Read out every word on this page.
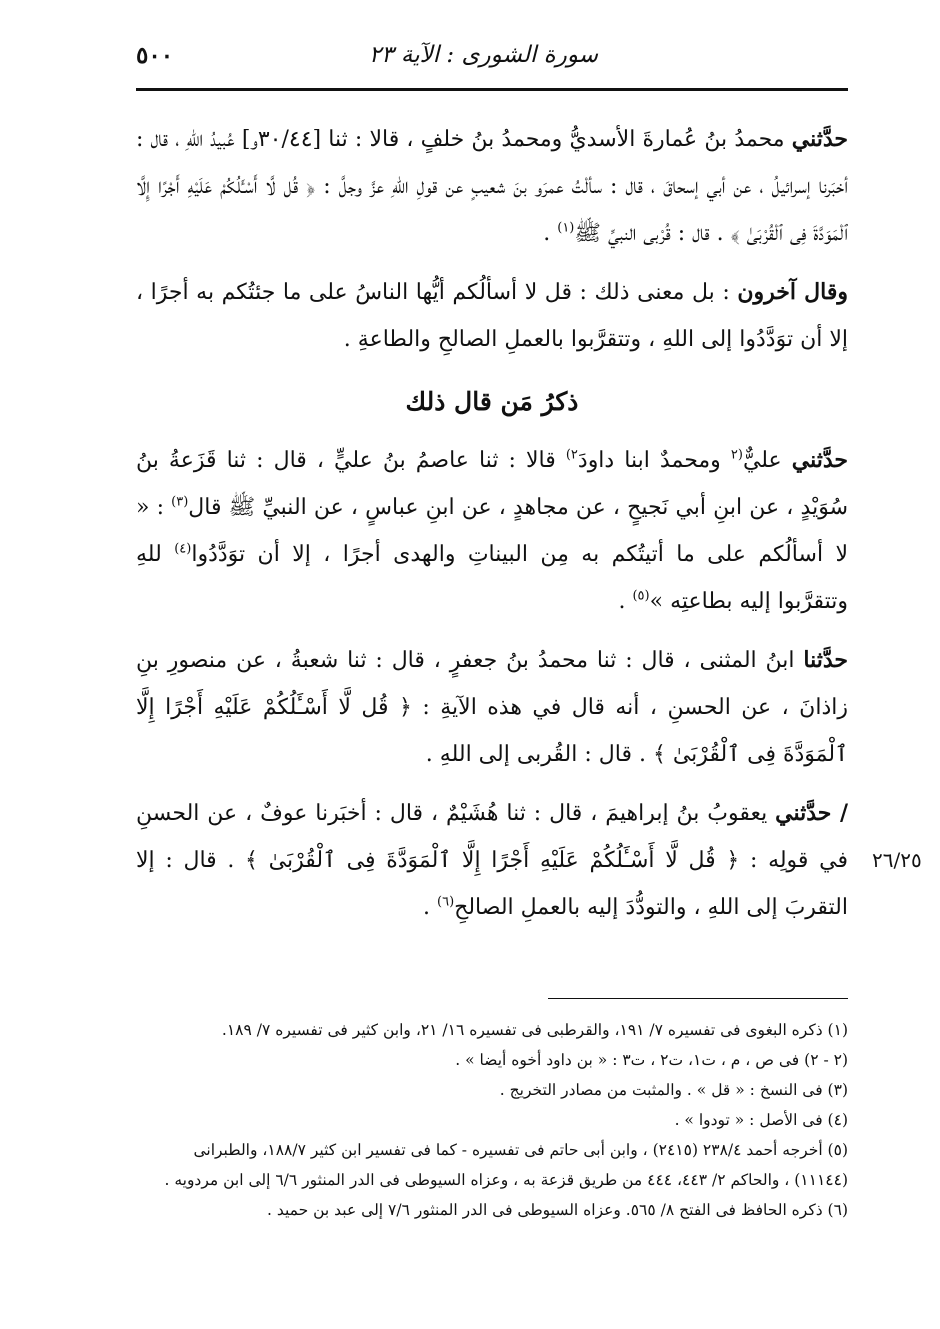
سورة الشورى : الآية ٢٣
٥٠٠

حدَّثني محمدُ بنُ عُمارةَ الأسديُّ ومحمدُ بنُ خلفٍ ، قالا : ثنا [٣٠/٤٤و] عُبيدُ اللهِ ، قال : أخبَرنا إسرائيلُ ، عن أبي إسحاقَ ، قال : سألْتُ عمرَو بنَ شعيبٍ عن قولِ اللهِ عزَّ وجلَّ : ﴿ قُل لَّا أَسْـَٔلُكُمْ عَلَيْهِ أَجْرًا إِلَّا ٱلْمَوَدَّةَ فِى ٱلْقُرْبَىٰ ﴾ . قال : قُرْبى النبيِّ ﷺ$^{(١)}$ .

وقال آخرون : بل معنى ذلك : قل لا أسألُكم أيُّها الناسُ على ما جئتُكم به أجرًا ، إلا أن توَدَّدُوا إلى اللهِ ، وتتقرَّبوا بالعملِ الصالحِ والطاعةِ .

ذكرُ مَن قال ذلك

حدَّثني عليٌّ$^{(٢}$ ومحمدٌ ابنا داودَ$^{٢)}$ قالا : ثنا عاصمُ بنُ عليٍّ ، قال : ثنا قَزَعةُ بنُ سُوَيْدٍ ، عن ابنِ أبي نَجيحٍ ، عن مجاهدٍ ، عن ابنِ عباسٍ ، عن النبيِّ ﷺ قال$^{(٣)}$ : « لا أسألُكم على ما أتيتُكم به مِن البيناتِ والهدى أجرًا ، إلا أن توَدَّدُوا$^{(٤)}$ للهِ وتتقرَّبوا إليه بطاعتِه »$^{(٥)}$ .

حدَّثنا ابنُ المثنى ، قال : ثنا محمدُ بنُ جعفرٍ ، قال : ثنا شعبةُ ، عن منصورِ بنِ زاذانَ ، عن الحسنِ ، أنه قال في هذه الآيةِ : ﴿ قُل لَّا أَسْـَٔلُكُمْ عَلَيْهِ أَجْرًا إِلَّا ٱلْمَوَدَّةَ فِى ٱلْقُرْبَىٰ ﴾ . قال : القُربى إلى اللهِ .

/ حدَّثني يعقوبُ بنُ إبراهيمَ ، قال : ثنا هُشَيْمٌ ، قال : أخبَرنا عوفٌ ، عن الحسنِ في قولِه : ﴿ قُل لَّا أَسْـَٔلُكُمْ عَلَيْهِ أَجْرًا إِلَّا ٱلْمَوَدَّةَ فِى ٱلْقُرْبَىٰ ﴾ . قال : إلا التقربَ إلى اللهِ ، والتودُّدَ إليه بالعملِ الصالحِ$^{(٦)}$ .

٢٦/٢٥

(١) ذكره البغوى فى تفسيره ٧/ ١٩١، والقرطبى فى تفسيره ١٦/ ٢١، وابن كثير فى تفسيره ٧/ ١٨٩.

(٢ - ٢) فى ص ، م ، ت١، ت٢ ، ت٣ : « بن داود أخوه أيضا » .

(٣) فى النسخ : « قل » . والمثبت من مصادر التخريج .

(٤) فى الأصل : « تودوا » .

(٥) أخرجه أحمد ٢٣٨/٤ (٢٤١٥) ، وابن أبى حاتم فى تفسيره - كما فى تفسير ابن كثير ١٨٨/٧، والطبرانى

(١١١٤٤) ، والحاكم ٢/ ٤٤٣، ٤٤٤ من طريق قزعة به ، وعزاه السيوطى فى الدر المنثور ٦/٦ إلى ابن مردويه .

(٦) ذكره الحافظ فى الفتح ٨/ ٥٦٥. وعزاه السيوطى فى الدر المنثور ٧/٦ إلى عبد بن حميد .
